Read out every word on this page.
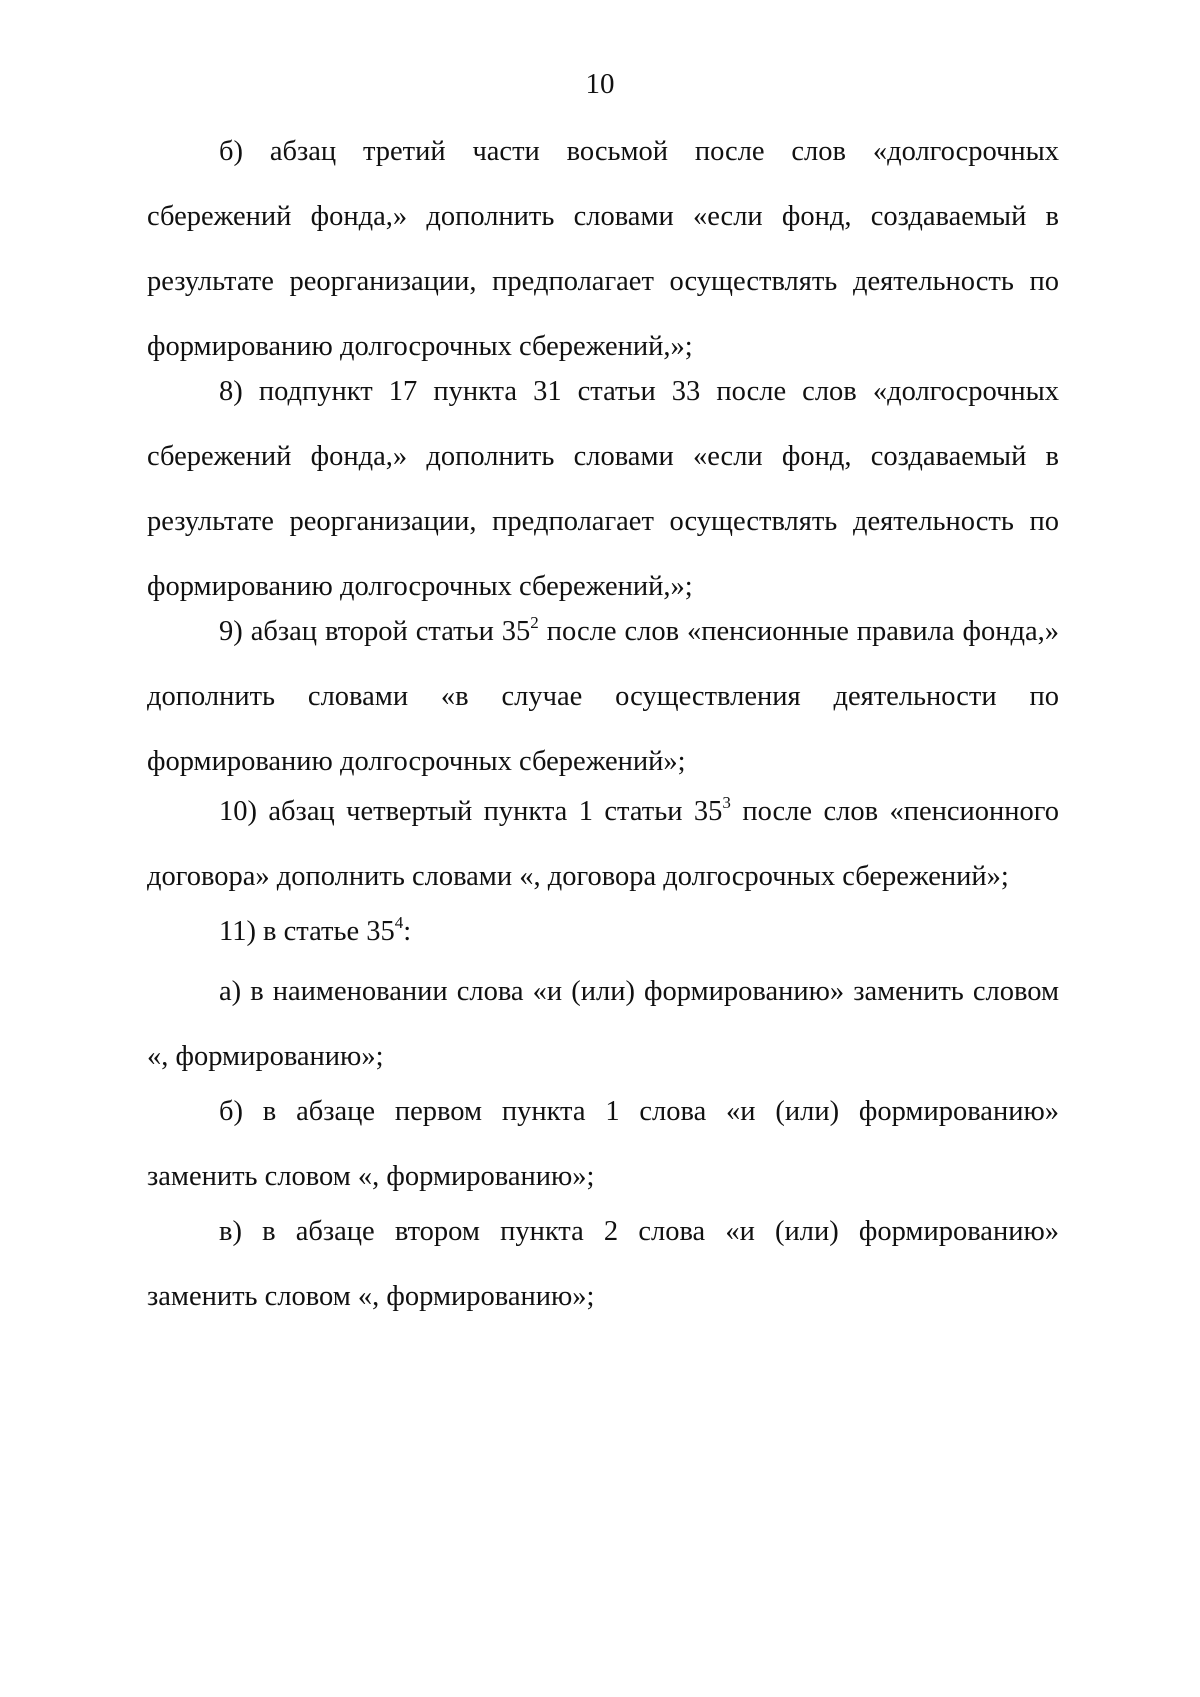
10

б) абзац третий части восьмой после слов «долгосрочных сбережений фонда,» дополнить словами «если фонд, создаваемый в результате реорганизации, предполагает осуществлять деятельность по формированию долгосрочных сбережений,»;

8) подпункт 17 пункта 31 статьи 33 после слов «долгосрочных сбережений фонда,» дополнить словами «если фонд, создаваемый в результате реорганизации, предполагает осуществлять деятельность по формированию долгосрочных сбережений,»;

9) абзац второй статьи $35^2$ после слов «пенсионные правила фонда,» дополнить словами «в случае осуществления деятельности по формированию долгосрочных сбережений»;

10) абзац четвертый пункта 1 статьи $35^3$ после слов «пенсионного договора» дополнить словами «, договора долгосрочных сбережений»;

11) в статье $35^4$:

а) в наименовании слова «и (или) формированию» заменить словом «, формированию»;

б) в абзаце первом пункта 1 слова «и (или) формированию» заменить словом «, формированию»;

в) в абзаце втором пункта 2 слова «и (или) формированию» заменить словом «, формированию»;
